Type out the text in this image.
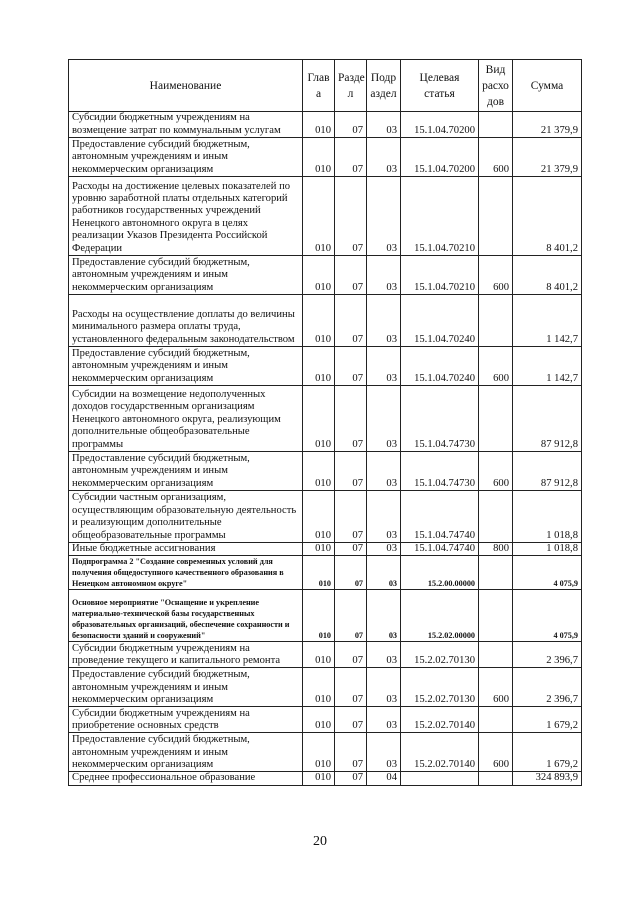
Наименование	Глав а	Разде л	Подр аздел	Целевая статья	Вид расхо дов	Сумма
Субсидии бюджетным учреждениям на возмещение затрат по коммунальным услугам	010	07	03	15.1.04.70200		21 379,9
Предоставление субсидий бюджетным, автономным учреждениям и иным некоммерческим организациям	010	07	03	15.1.04.70200	600	21 379,9
Расходы на достижение целевых показателей по уровню заработной платы отдельных категорий работников государственных учреждений Ненецкого автономного округа в целях реализации Указов Президента Российской Федерации	010	07	03	15.1.04.70210		8 401,2
Предоставление субсидий бюджетным, автономным учреждениям и иным некоммерческим организациям	010	07	03	15.1.04.70210	600	8 401,2
Расходы на осуществление доплаты до величины минимального размера оплаты труда, установленного федеральным законодательством	010	07	03	15.1.04.70240		1 142,7
Предоставление субсидий бюджетным, автономным учреждениям и иным некоммерческим организациям	010	07	03	15.1.04.70240	600	1 142,7
Субсидии на возмещение недополученных доходов государственным организациям Ненецкого автономного округа, реализующим дополнительные общеобразовательные программы	010	07	03	15.1.04.74730		87 912,8
Предоставление субсидий бюджетным, автономным учреждениям и иным некоммерческим организациям	010	07	03	15.1.04.74730	600	87 912,8
Субсидии частным организациям, осуществляющим образовательную деятельность и реализующим дополнительные общеобразовательные программы	010	07	03	15.1.04.74740		1 018,8
Иные бюджетные ассигнования	010	07	03	15.1.04.74740	800	1 018,8
Подпрограмма 2 "Создание современных условий для получения общедоступного качественного образования в Ненецком автономном округе"	010	07	03	15.2.00.00000		4 075,9
Основное мероприятие "Оснащение и укрепление материально-технической базы государственных образовательных организаций, обеспечение сохранности и безопасности зданий и сооружений"	010	07	03	15.2.02.00000		4 075,9
Субсидии бюджетным учреждениям на проведение текущего и капитального ремонта	010	07	03	15.2.02.70130		2 396,7
Предоставление субсидий бюджетным, автономным учреждениям и иным некоммерческим организациям	010	07	03	15.2.02.70130	600	2 396,7
Субсидии бюджетным учреждениям на приобретение основных средств	010	07	03	15.2.02.70140		1 679,2
Предоставление субсидий бюджетным, автономным учреждениям и иным некоммерческим организациям	010	07	03	15.2.02.70140	600	1 679,2
Среднее профессиональное образование	010	07	04			324 893,9
20
